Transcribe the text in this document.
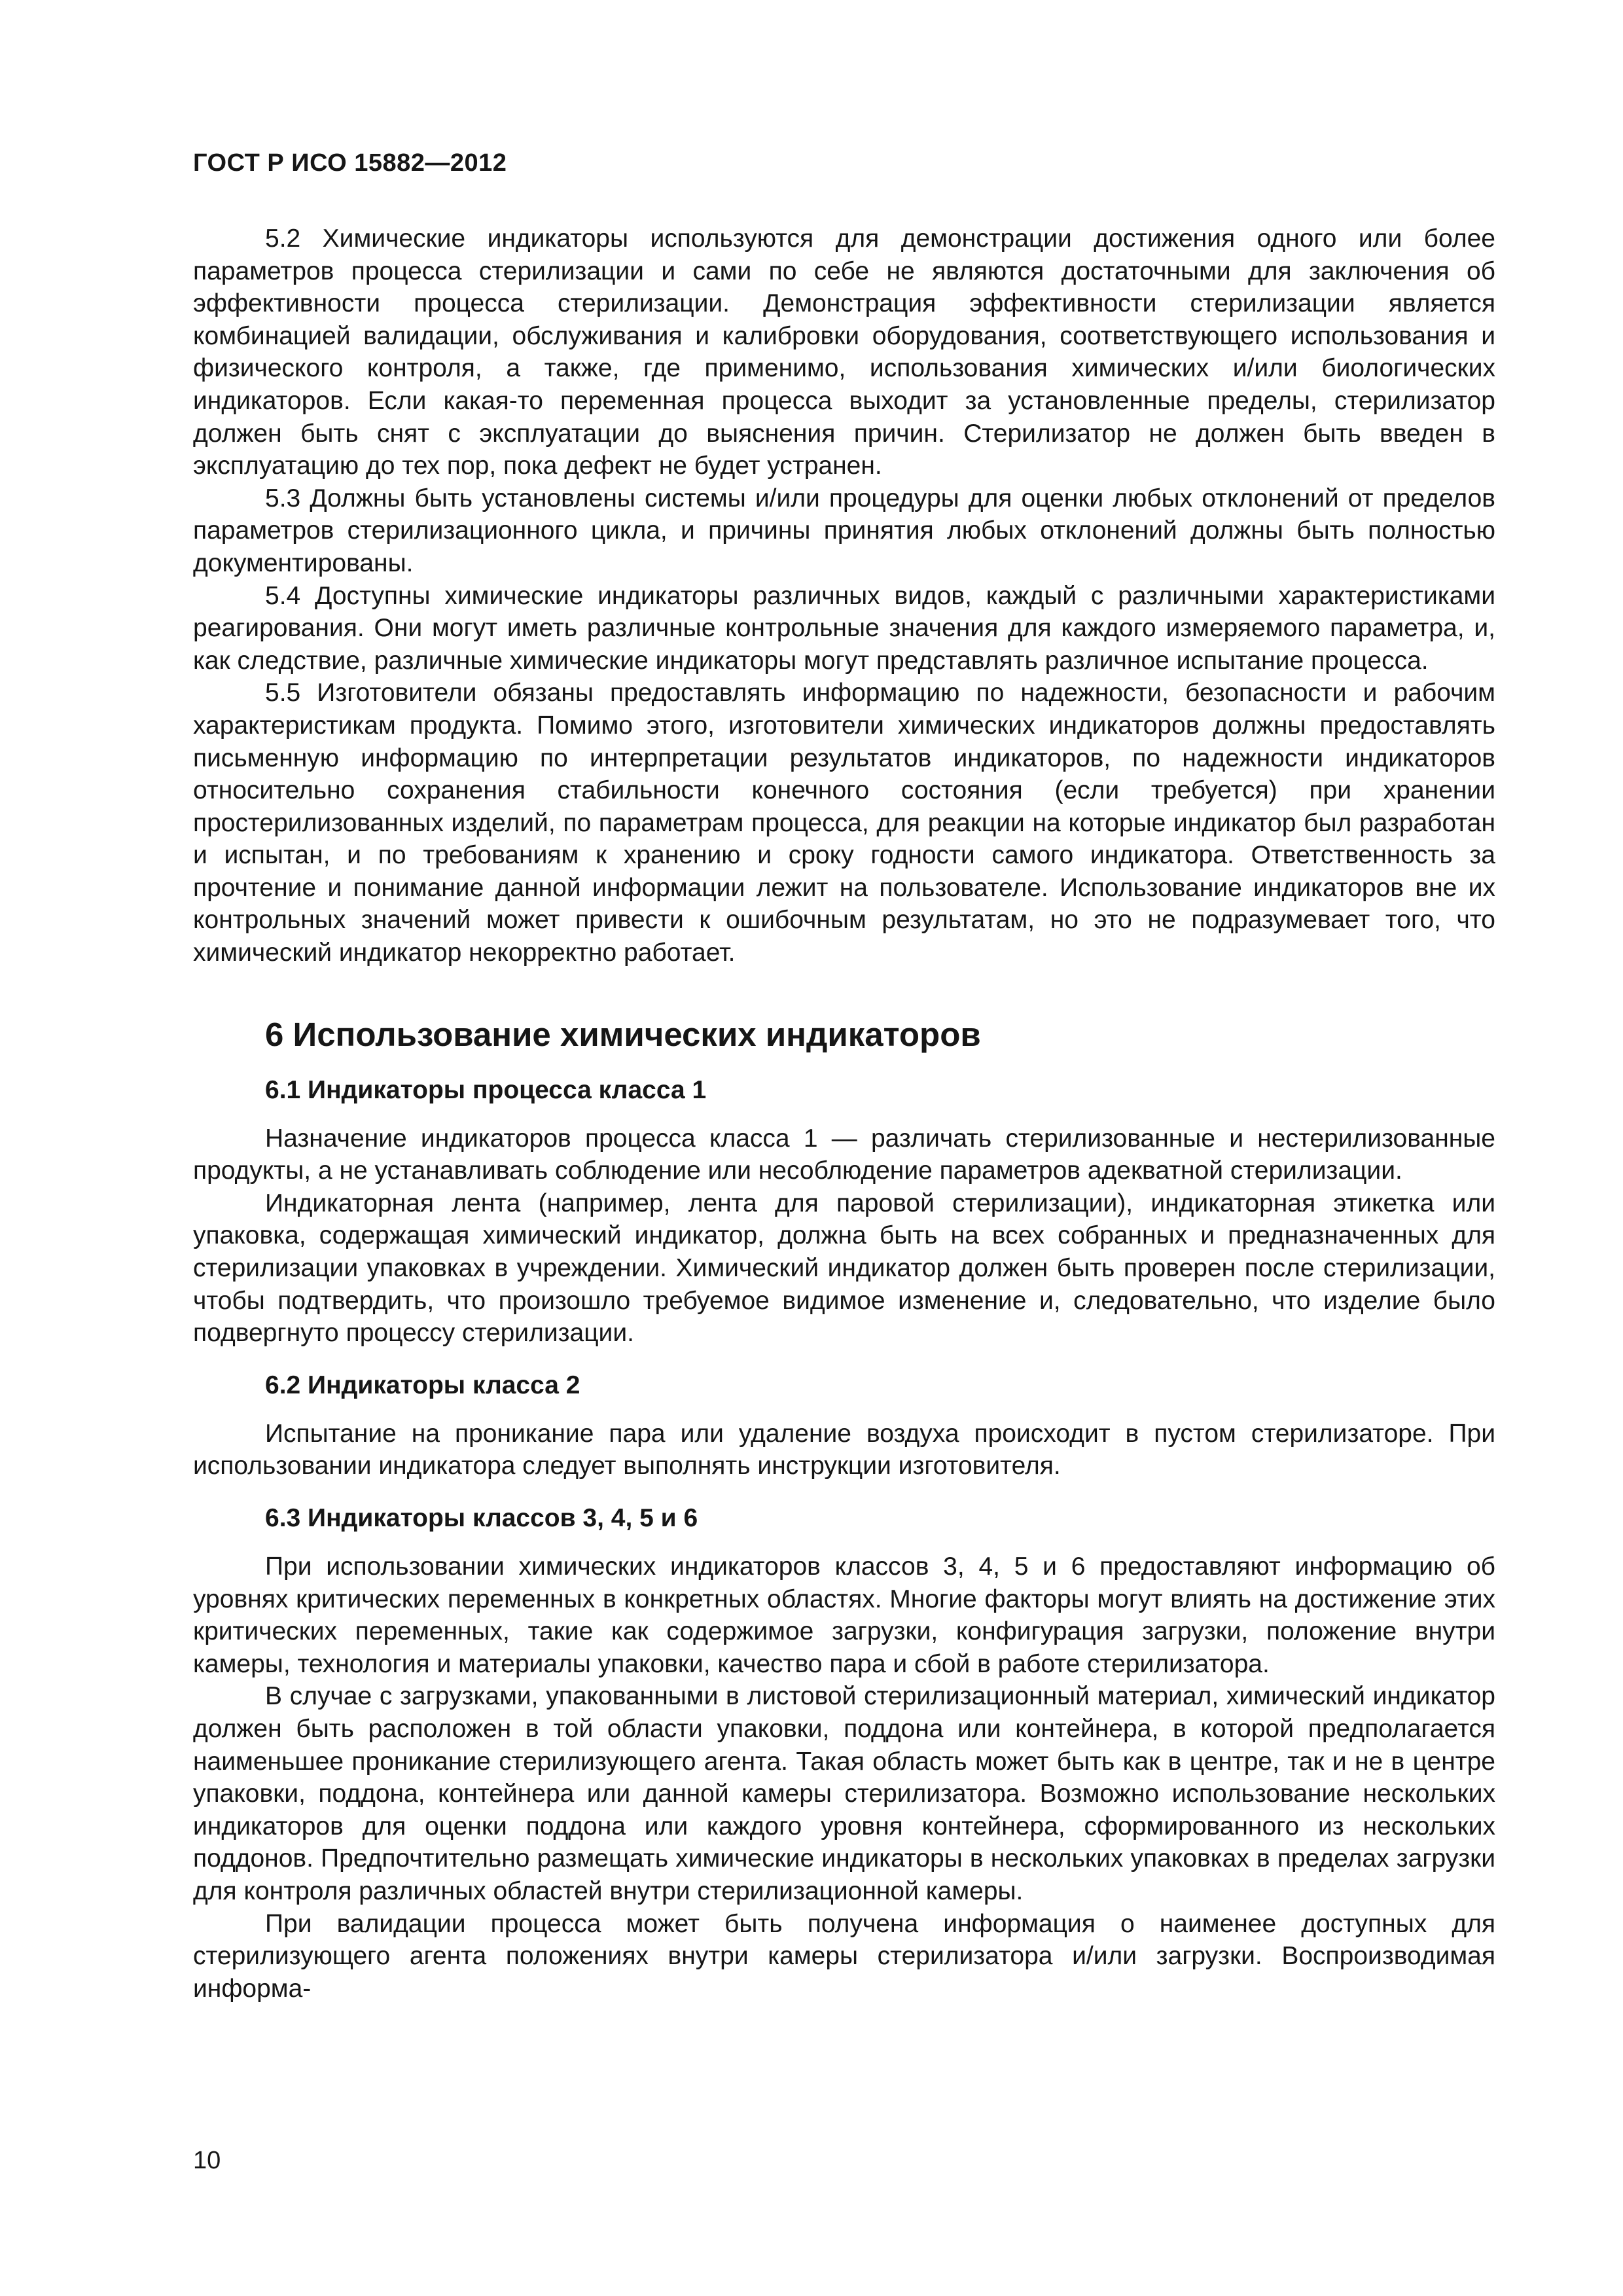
ГОСТ Р ИСО 15882—2012

5.2 Химические индикаторы используются для демонстрации достижения одного или более параметров процесса стерилизации и сами по себе не являются достаточными для заключения об эффективности процесса стерилизации. Демонстрация эффективности стерилизации является комбинацией валидации, обслуживания и калибровки оборудования, соответствующего использования и физического контроля, а также, где применимо, использования химических и/или биологических индикаторов. Если какая-то переменная процесса выходит за установленные пределы, стерилизатор должен быть снят с эксплуатации до выяснения причин. Стерилизатор не должен быть введен в эксплуатацию до тех пор, пока дефект не будет устранен.

5.3 Должны быть установлены системы и/или процедуры для оценки любых отклонений от пределов параметров стерилизационного цикла, и причины принятия любых отклонений должны быть полностью документированы.

5.4 Доступны химические индикаторы различных видов, каждый с различными характеристиками реагирования. Они могут иметь различные контрольные значения для каждого измеряемого параметра, и, как следствие, различные химические индикаторы могут представлять различное испытание процесса.

5.5 Изготовители обязаны предоставлять информацию по надежности, безопасности и рабочим характеристикам продукта. Помимо этого, изготовители химических индикаторов должны предоставлять письменную информацию по интерпретации результатов индикаторов, по надежности индикаторов относительно сохранения стабильности конечного состояния (если требуется) при хранении простерилизованных изделий, по параметрам процесса, для реакции на которые индикатор был разработан и испытан, и по требованиям к хранению и сроку годности самого индикатора. Ответственность за прочтение и понимание данной информации лежит на пользователе. Использование индикаторов вне их контрольных значений может привести к ошибочным результатам, но это не подразумевает того, что химический индикатор некорректно работает.

6 Использование химических индикаторов
6.1 Индикаторы процесса класса 1

Назначение индикаторов процесса класса 1 — различать стерилизованные и нестерилизованные продукты, а не устанавливать соблюдение или несоблюдение параметров адекватной стерилизации.

Индикаторная лента (например, лента для паровой стерилизации), индикаторная этикетка или упаковка, содержащая химический индикатор, должна быть на всех собранных и предназначенных для стерилизации упаковках в учреждении. Химический индикатор должен быть проверен после стерилизации, чтобы подтвердить, что произошло требуемое видимое изменение и, следовательно, что изделие было подвергнуто процессу стерилизации.

6.2 Индикаторы класса 2

Испытание на проникание пара или удаление воздуха происходит в пустом стерилизаторе. При использовании индикатора следует выполнять инструкции изготовителя.

6.3 Индикаторы классов 3, 4, 5 и 6

При использовании химических индикаторов классов 3, 4, 5 и 6 предоставляют информацию об уровнях критических переменных в конкретных областях. Многие факторы могут влиять на достижение этих критических переменных, такие как содержимое загрузки, конфигурация загрузки, положение внутри камеры, технология и материалы упаковки, качество пара и сбой в работе стерилизатора.

В случае с загрузками, упакованными в листовой стерилизационный материал, химический индикатор должен быть расположен в той области упаковки, поддона или контейнера, в которой предполагается наименьшее проникание стерилизующего агента. Такая область может быть как в центре, так и не в центре упаковки, поддона, контейнера или данной камеры стерилизатора. Возможно использование нескольких индикаторов для оценки поддона или каждого уровня контейнера, сформированного из нескольких поддонов. Предпочтительно размещать химические индикаторы в нескольких упаковках в пределах загрузки для контроля различных областей внутри стерилизационной камеры.

При валидации процесса может быть получена информация о наименее доступных для стерилизующего агента положениях внутри камеры стерилизатора и/или загрузки. Воспроизводимая информа-

10
